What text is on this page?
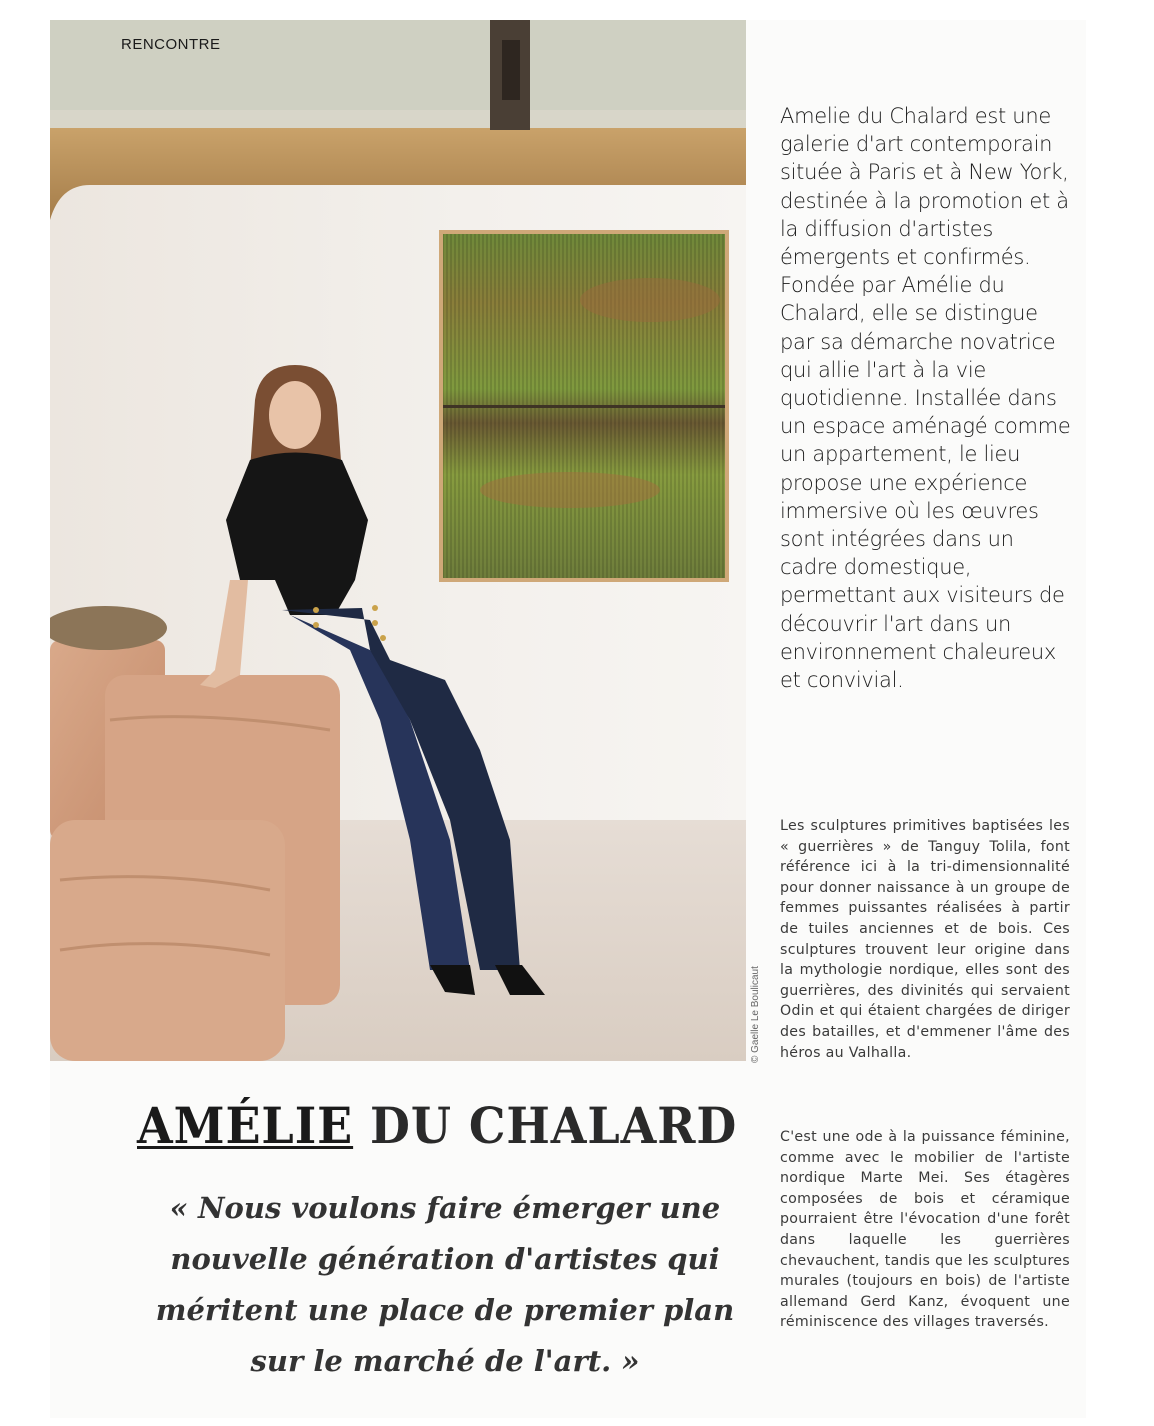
RENCONTRE
© Gaelle Le Boulicaut
Amelie du Chalard est une galerie d'art contemporain située à Paris et à New York, destinée à la promotion et à la diffusion d'artistes émergents et confirmés. Fondée par Amélie du Chalard, elle se distingue par sa démarche novatrice qui allie l'art à la vie quotidienne. Installée dans un espace aménagé comme un appartement, le lieu propose une expérience immersive où les œuvres sont intégrées dans un cadre domestique, permettant aux visiteurs de découvrir l'art dans un environnement chaleureux et convivial.
Les sculptures primitives baptisées les « guerrières » de Tanguy Tolila, font référence ici à la tri-dimensionnalité pour donner naissance à un groupe de femmes puissantes réalisées à partir de tuiles anciennes et de bois. Ces sculptures trouvent leur origine dans la mythologie nordique, elles sont des guerrières, des divinités qui servaient Odin et qui étaient chargées de diriger des batailles, et d'emmener l'âme des héros au Valhalla.
C'est une ode à la puissance féminine, comme avec le mobilier de l'artiste nordique Marte Mei. Ses étagères composées de bois et céramique pourraient être l'évocation d'une forêt dans laquelle les guerrières chevauchent, tandis que les sculptures murales (toujours en bois) de l'artiste allemand Gerd Kanz, évoquent une réminiscence des villages traversés.
AMÉLIE DU CHALARD
« Nous voulons faire émerger une nouvelle génération d'artistes qui méritent une place de premier plan sur le marché de l'art. »
